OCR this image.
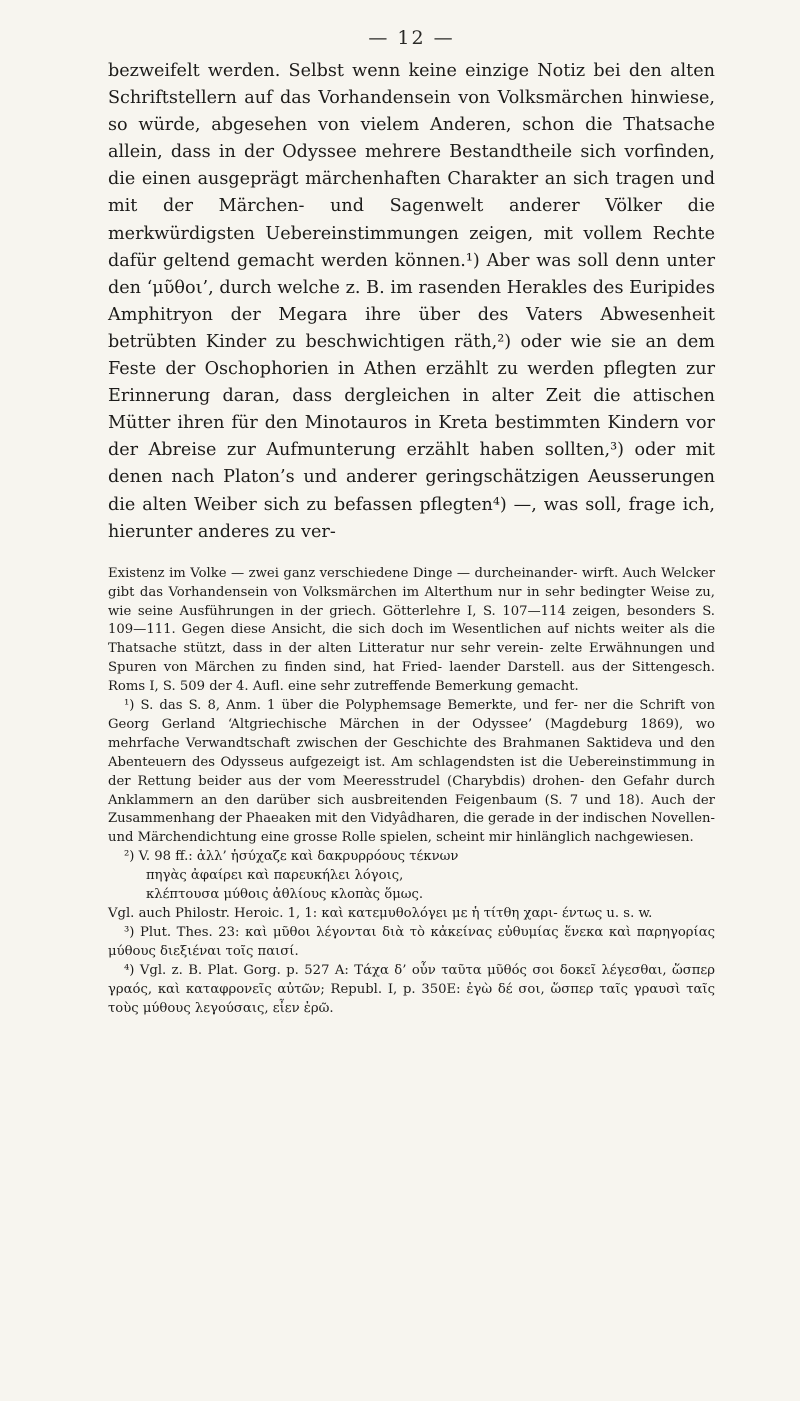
— 12 —

bezweifelt werden. Selbst wenn keine einzige Notiz bei den alten Schriftstellern auf das Vorhandensein von Volksmärchen hinwiese, so würde, abgesehen von vielem Anderen, schon die Thatsache allein, dass in der Odyssee mehrere Bestandtheile sich vorfinden, die einen ausgeprägt märchenhaften Charakter an sich tragen und mit der Märchen- und Sagenwelt anderer Völker die merkwürdigsten Uebereinstimmungen zeigen, mit vollem Rechte dafür geltend gemacht werden können.¹) Aber was soll denn unter den ʻμῦθοι’, durch welche z. B. im rasenden Herakles des Euripides Amphitryon der Megara ihre über des Vaters Abwesenheit betrübten Kinder zu beschwichtigen räth,²) oder wie sie an dem Feste der Oschophorien in Athen erzählt zu werden pflegten zur Erinnerung daran, dass dergleichen in alter Zeit die attischen Mütter ihren für den Minotauros in Kreta bestimmten Kindern vor der Abreise zur Aufmunterung erzählt haben sollten,³) oder mit denen nach Platon’s und anderer geringschätzigen Aeusserungen die alten Weiber sich zu befassen pflegten⁴) —, was soll, frage ich, hierunter anderes zu ver-

Existenz im Volke — zwei ganz verschiedene Dinge — durcheinander- wirft. Auch Welcker gibt das Vorhandensein von Volksmärchen im Alterthum nur in sehr bedingter Weise zu, wie seine Ausführungen in der griech. Götterlehre I, S. 107—114 zeigen, besonders S. 109—111. Gegen diese Ansicht, die sich doch im Wesentlichen auf nichts weiter als die Thatsache stützt, dass in der alten Litteratur nur sehr verein- zelte Erwähnungen und Spuren von Märchen zu finden sind, hat Fried- laender Darstell. aus der Sittengesch. Roms I, S. 509 der 4. Aufl. eine sehr zutreffende Bemerkung gemacht.

¹) S. das S. 8, Anm. 1 über die Polyphemsage Bemerkte, und fer- ner die Schrift von Georg Gerland ʻAltgriechische Märchen in der Odyssee’ (Magdeburg 1869), wo mehrfache Verwandtschaft zwischen der Geschichte des Brahmanen Saktideva und den Abenteuern des Odysseus aufgezeigt ist. Am schlagendsten ist die Uebereinstimmung in der Rettung beider aus der vom Meeresstrudel (Charybdis) drohen- den Gefahr durch Anklammern an den darüber sich ausbreitenden Feigenbaum (S. 7 und 18). Auch der Zusammenhang der Phaeaken mit den Vidyâdharen, die gerade in der indischen Novellen- und Märchendichtung eine grosse Rolle spielen, scheint mir hinlänglich nachgewiesen.

²) V. 98 ff.: ἀλλ’ ἡσύχαζε καὶ δακρυρρόους τέκνων

πηγὰς ἀφαίρει καὶ παρευκήλει λόγοις,

κλέπτουσα μύθοις ἀθλίους κλοπὰς ὅμως.

Vgl. auch Philostr. Heroic. 1, 1: καὶ κατεμυθολόγει με ἡ τίτθη χαρι- έντως u. s. w.

³) Plut. Thes. 23: καὶ μῦθοι λέγονται διὰ τὸ κἀκείνας εὐθυμίας ἕνεκα καὶ παρηγορίας μύθους διεξιέναι τοῖς παισί.

⁴) Vgl. z. B. Plat. Gorg. p. 527 A: Τάχα δ’ οὖν ταῦτα μῦθός σοι δοκεῖ λέγεσθαι, ὥσπερ γραός, καὶ καταφρονεῖς αὐτῶν; Republ. I, p. 350E: ἐγὼ δέ σοι, ὥσπερ ταῖς γραυσὶ ταῖς τοὺς μύθους λεγούσαις, εἶεν ἐρῶ.
